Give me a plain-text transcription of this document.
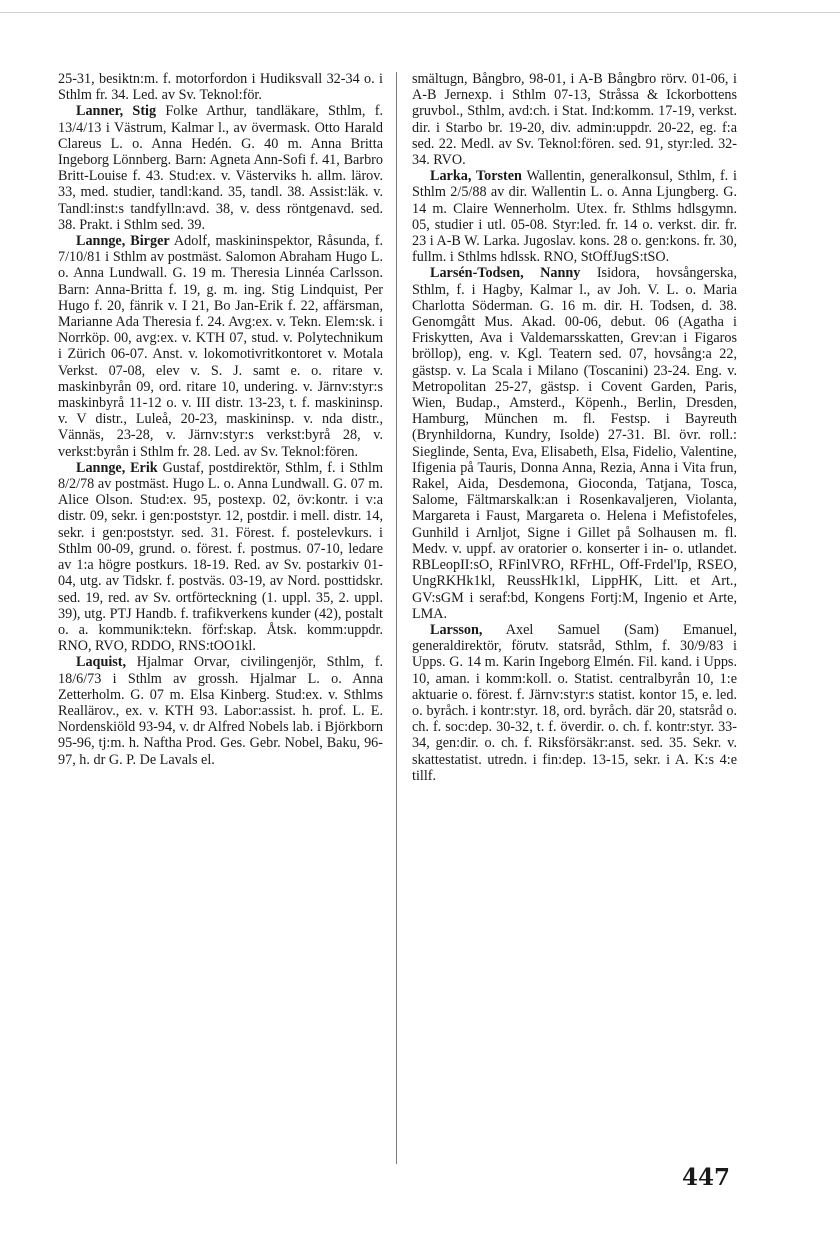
25-31, besiktn:m. f. motorfordon i Hudiksvall 32-34 o. i Sthlm fr. 34. Led. av Sv. Teknol:för.

Lanner, Stig Folke Arthur, tandläkare, Sthlm, f. 13/4/13 i Västrum, Kalmar l., av övermask. Otto Harald Clareus L. o. Anna Hedén. G. 40 m. Anna Britta Ingeborg Lönnberg. Barn: Agneta Ann-Sofi f. 41, Barbro Britt-Louise f. 43. Stud:ex. v. Västerviks h. allm. lärov. 33, med. studier, tandl:kand. 35, tandl. 38. Assist:läk. v. Tandl:inst:s tandfylln:avd. 38, v. dess röntgenavd. sed. 38. Prakt. i Sthlm sed. 39.

Lannge, Birger Adolf, maskininspektor, Råsunda, f. 7/10/81 i Sthlm av postmäst. Salomon Abraham Hugo L. o. Anna Lundwall. G. 19 m. Theresia Linnéa Carlsson. Barn: Anna-Britta f. 19, g. m. ing. Stig Lindquist, Per Hugo f. 20, fänrik v. I 21, Bo Jan-Erik f. 22, affärsman, Marianne Ada Theresia f. 24. Avg:ex. v. Tekn. Elem:sk. i Norrköp. 00, avg:ex. v. KTH 07, stud. v. Polytechnikum i Zürich 06-07. Anst. v. lokomotivritkontoret v. Motala Verkst. 07-08, elev v. S. J. samt e. o. ritare v. maskinbyrån 09, ord. ritare 10, undering. v. Järnv:styr:s maskinbyrå 11-12 o. v. III distr. 13-23, t. f. maskininsp. v. V distr., Luleå, 20-23, maskininsp. v. nda distr., Vännäs, 23-28, v. Järnv:styr:s verkst:byrå 28, v. verkst:byrån i Sthlm fr. 28. Led. av Sv. Teknol:fören.

Lannge, Erik Gustaf, postdirektör, Sthlm, f. i Sthlm 8/2/78 av postmäst. Hugo L. o. Anna Lundwall. G. 07 m. Alice Olson. Stud:ex. 95, postexp. 02, öv:kontr. i v:a distr. 09, sekr. i gen:poststyr. 12, postdir. i mell. distr. 14, sekr. i gen:poststyr. sed. 31. Förest. f. postelevkurs. i Sthlm 00-09, grund. o. förest. f. postmus. 07-10, ledare av 1:a högre postkurs. 18-19. Red. av Sv. postarkiv 01-04, utg. av Tidskr. f. postväs. 03-19, av Nord. posttidskr. sed. 19, red. av Sv. ortförteckning (1. uppl. 35, 2. uppl. 39), utg. PTJ Handb. f. trafikverkens kunder (42), postalt o. a. kommunik:tekn. förf:skap. Åtsk. komm:uppdr. RNO, RVO, RDDO, RNS:tOO1kl.

Laquist, Hjalmar Orvar, civilingenjör, Sthlm, f. 18/6/73 i Sthlm av grossh. Hjalmar L. o. Anna Zetterholm. G. 07 m. Elsa Kinberg. Stud:ex. v. Sthlms Reallärov., ex. v. KTH 93. Labor:assist. h. prof. L. E. Nordenskiöld 93-94, v. dr Alfred Nobels lab. i Björkborn 95-96, tj:m. h. Naftha Prod. Ges. Gebr. Nobel, Baku, 96-97, h. dr G. P. De Lavals el.

smältugn, Bångbro, 98-01, i A-B Bångbro rörv. 01-06, i A-B Jernexp. i Sthlm 07-13, Stråssa & Ickorbottens gruvbol., Sthlm, avd:ch. i Stat. Ind:komm. 17-19, verkst. dir. i Starbo br. 19-20, div. admin:uppdr. 20-22, eg. f:a sed. 22. Medl. av Sv. Teknol:fören. sed. 91, styr:led. 32-34. RVO.

Larka, Torsten Wallentin, generalkonsul, Sthlm, f. i Sthlm 2/5/88 av dir. Wallentin L. o. Anna Ljungberg. G. 14 m. Claire Wennerholm. Utex. fr. Sthlms hdlsgymn. 05, studier i utl. 05-08. Styr:led. fr. 14 o. verkst. dir. fr. 23 i A-B W. Larka. Jugoslav. kons. 28 o. gen:kons. fr. 30, fullm. i Sthlms hdlssk. RNO, StOffJugS:tSO.

Larsén-Todsen, Nanny Isidora, hovsångerska, Sthlm, f. i Hagby, Kalmar l., av Joh. V. L. o. Maria Charlotta Söderman. G. 16 m. dir. H. Todsen, d. 38. Genomgått Mus. Akad. 00-06, debut. 06 (Agatha i Friskytten, Ava i Valdemarsskatten, Grev:an i Figaros bröllop), eng. v. Kgl. Teatern sed. 07, hovsång:a 22, gästsp. v. La Scala i Milano (Toscanini) 23-24. Eng. v. Metropolitan 25-27, gästsp. i Covent Garden, Paris, Wien, Budap., Amsterd., Köpenh., Berlin, Dresden, Hamburg, München m. fl. Festsp. i Bayreuth (Brynhildorna, Kundry, Isolde) 27-31. Bl. övr. roll.: Sieglinde, Senta, Eva, Elisabeth, Elsa, Fidelio, Valentine, Ifigenia på Tauris, Donna Anna, Rezia, Anna i Vita frun, Rakel, Aida, Desdemona, Gioconda, Tatjana, Tosca, Salome, Fältmarskalk:an i Rosenkavaljeren, Violanta, Margareta i Faust, Margareta o. Helena i Mefistofeles, Gunhild i Arnljot, Signe i Gillet på Solhausen m. fl. Medv. v. uppf. av oratorier o. konserter i in- o. utlandet. RBLeopII:sO, RFinlVRO, RFrHL, Off-Frdel'Ip, RSEO, UngRKHk1kl, ReussHk1kl, LippHK, Litt. et Art., GV:sGM i seraf:bd, Kongens Fortj:M, Ingenio et Arte, LMA.

Larsson, Axel Samuel (Sam) Emanuel, generaldirektör, förutv. statsråd, Sthlm, f. 30/9/83 i Upps. G. 14 m. Karin Ingeborg Elmén. Fil. kand. i Upps. 10, aman. i komm:koll. o. Statist. centralbyrån 10, 1:e aktuarie o. förest. f. Järnv:styr:s statist. kontor 15, e. led. o. byråch. i kontr:styr. 18, ord. byråch. där 20, statsråd o. ch. f. soc:dep. 30-32, t. f. överdir. o. ch. f. kontr:styr. 33-34, gen:dir. o. ch. f. Riksförsäkr:anst. sed. 35. Sekr. v. skattestatist. utredn. i fin:dep. 13-15, sekr. i A. K:s 4:e tillf.

447
